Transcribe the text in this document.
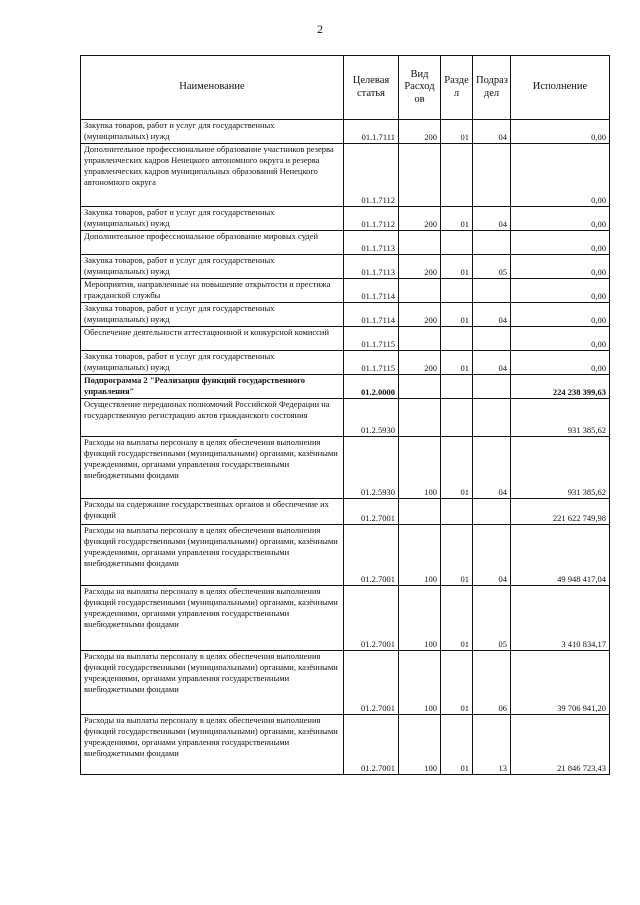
2
Наименование	Целевая статья	Вид Расход ов	Разде л	Подраз дел	Исполнение
Закупка товаров, работ и услуг для государственных (муниципальных) нужд	01.1.7111	200	01	04	0,00
Дополнительное профессиональное образование участников резерва управленческих кадров Ненецкого автономного округа и резерва управленческих кадров муниципальных образований Ненецкого автономного округа	01.1.7112				0,00
Закупка товаров, работ и услуг для государственных (муниципальных) нужд	01.1.7112	200	01	04	0,00
Дополнительное профессиональное образование мировых судей	01.1.7113				0,00
Закупка товаров, работ и услуг для государственных (муниципальных) нужд	01.1.7113	200	01	05	0,00
Мероприятия, направленные на повышение открытости и престижа гражданской службы	01.1.7114				0,00
Закупка товаров, работ и услуг для государственных (муниципальных) нужд	01.1.7114	200	01	04	0,00
Обеспечение деятельности аттестационной и конкурсной комиссий	01.1.7115				0,00
Закупка товаров, работ и услуг для государственных (муниципальных) нужд	01.1.7115	200	01	04	0,00
Подпрограмма 2 "Реализация функций государственного управления"	01.2.0000				224 238 399,63
Осуществление переданных полномочий Российской Федерации на государственную регистрацию актов гражданского состояния	01.2.5930				931 385,62
Расходы на выплаты персоналу в целях обеспечения выполнения функций государственными (муниципальными) органами, казёнными учреждениями, органами управления государственными внебюджетными фондами	01.2.5930	100	01	04	931 385,62
Расходы на содержание государственных органов и обеспечение их функций	01.2.7001				221 622 749,98
Расходы на выплаты персоналу в целях обеспечения выполнения функций государственными (муниципальными) органами, казёнными учреждениями, органами управления государственными внебюджетными фондами	01.2.7001	100	01	04	49 948 417,04
Расходы на выплаты персоналу в целях обеспечения выполнения функций государственными (муниципальными) органами, казёнными учреждениями, органами управления государственными внебюджетными фондами	01.2.7001	100	01	05	3 410 834,17
Расходы на выплаты персоналу в целях обеспечения выполнения функций государственными (муниципальными) органами, казёнными учреждениями, органами управления государственными внебюджетными фондами	01.2.7001	100	01	06	39 706 941,20
Расходы на выплаты персоналу в целях обеспечения выполнения функций государственными (муниципальными) органами, казёнными учреждениями, органами управления государственными внебюджетными фондами	01.2.7001	100	01	13	21 846 723,43
